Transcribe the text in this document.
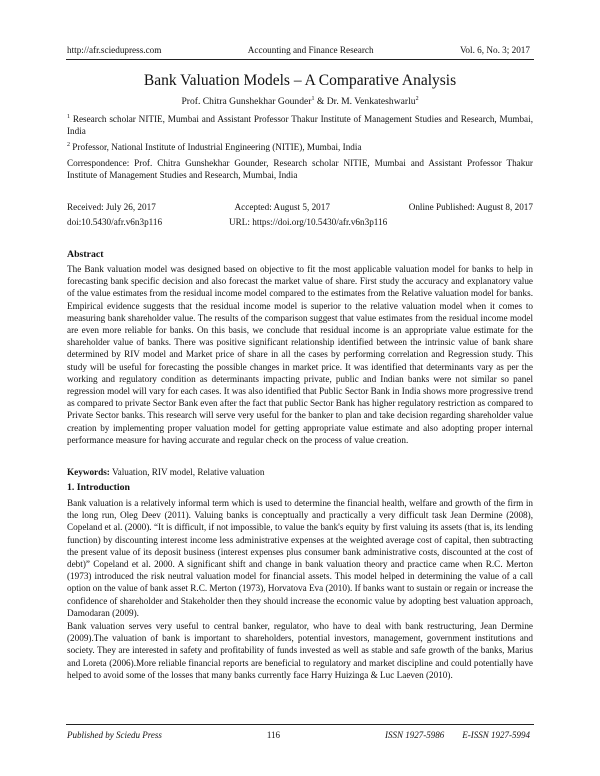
http://afr.sciedupress.com	Accounting and Finance Research	Vol. 6, No. 3; 2017
Bank Valuation Models – A Comparative Analysis
Prof. Chitra Gunshekhar Gounder$^1$ & Dr. M. Venkateshwarlu$^2$
$^1$ Research scholar NITIE, Mumbai and Assistant Professor Thakur Institute of Management Studies and Research, Mumbai, India
$^2$ Professor, National Institute of Industrial Engineering (NITIE), Mumbai, India
Correspondence: Prof. Chitra Gunshekhar Gounder, Research scholar NITIE, Mumbai and Assistant Professor Thakur Institute of Management Studies and Research, Mumbai, India
Received: July 26, 2017	Accepted: August 5, 2017	Online Published: August 8, 2017
doi:10.5430/afr.v6n3p116	URL: https://doi.org/10.5430/afr.v6n3p116
Abstract
The Bank valuation model was designed based on objective to fit the most applicable valuation model for banks to help in forecasting bank specific decision and also forecast the market value of share. First study the accuracy and explanatory value of the value estimates from the residual income model compared to the estimates from the Relative valuation model for banks. Empirical evidence suggests that the residual income model is superior to the relative valuation model when it comes to measuring bank shareholder value. The results of the comparison suggest that value estimates from the residual income model are even more reliable for banks. On this basis, we conclude that residual income is an appropriate value estimate for the shareholder value of banks. There was positive significant relationship identified between the intrinsic value of bank share determined by RIV model and Market price of share in all the cases by performing correlation and Regression study. This study will be useful for forecasting the possible changes in market price. It was identified that determinants vary as per the working and regulatory condition as determinants impacting private, public and Indian banks were not similar so panel regression model will vary for each cases. It was also identified that Public Sector Bank in India shows more progressive trend as compared to private Sector Bank even after the fact that public Sector Bank has higher regulatory restriction as compared to Private Sector banks. This research will serve very useful for the banker to plan and take decision regarding shareholder value creation by implementing proper valuation model for getting appropriate value estimate and also adopting proper internal performance measure for having accurate and regular check on the process of value creation.
Keywords: Valuation, RIV model, Relative valuation
1. Introduction
Bank valuation is a relatively informal term which is used to determine the financial health, welfare and growth of the firm in the long run, Oleg Deev (2011). Valuing banks is conceptually and practically a very difficult task Jean Dermine (2008), Copeland et al. (2000). “It is difficult, if not impossible, to value the bank's equity by first valuing its assets (that is, its lending function) by discounting interest income less administrative expenses at the weighted average cost of capital, then subtracting the present value of its deposit business (interest expenses plus consumer bank administrative costs, discounted at the cost of debt)” Copeland et al. 2000. A significant shift and change in bank valuation theory and practice came when R.C. Merton (1973) introduced the risk neutral valuation model for financial assets. This model helped in determining the value of a call option on the value of bank asset R.C. Merton (1973), Horvatova Eva (2010). If banks want to sustain or regain or increase the confidence of shareholder and Stakeholder then they should increase the economic value by adopting best valuation approach, Damodaran (2009).
Bank valuation serves very useful to central banker, regulator, who have to deal with bank restructuring, Jean Dermine (2009).The valuation of bank is important to shareholders, potential investors, management, government institutions and society. They are interested in safety and profitability of funds invested as well as stable and safe growth of the banks, Marius and Loreta (2006).More reliable financial reports are beneficial to regulatory and market discipline and could potentially have helped to avoid some of the losses that many banks currently face Harry Huizinga & Luc Laeven (2010).
Published by Sciedu Press	116	ISSN 1927-5986 E-ISSN 1927-5994
